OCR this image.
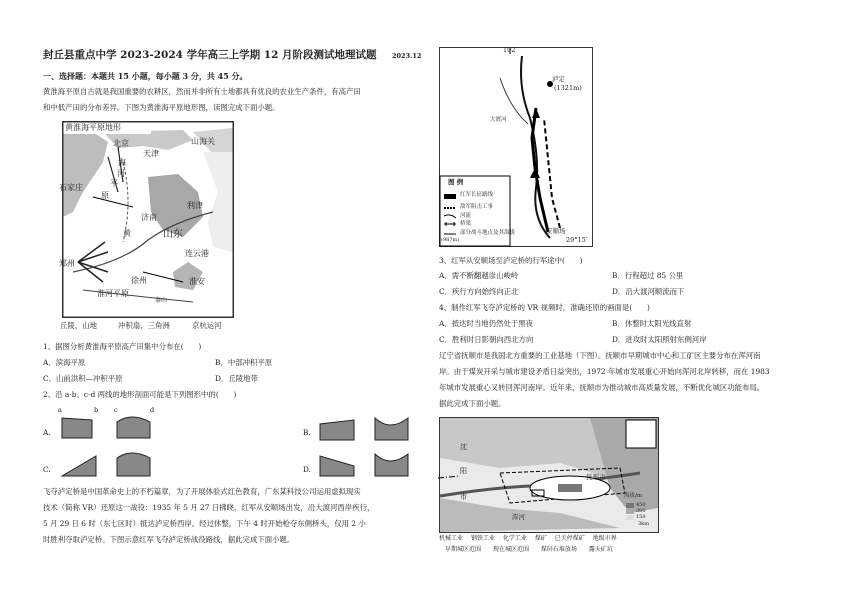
封丘县重点中学 2023-2024 学年高三上学期 12 月阶段测试地理试题 2023.12
一、选择题：本题共 15 小题，每小题 3 分，共 45 分。
黄淮海平原自古就是我国重要的农耕区，然而并非所有土地都具有优良的农业生产条件，有高产田
和中低产田的分布差异。下图为黄淮海平原地形图，读图完成下面小题。
黄淮海平原地形
北京
天津
山海关
石家庄
济南
利津
山东
连云港
郑州
徐州	淮安
淮河平原
原
河
平
海
黄
泰山
丘陵、山地	冲积扇、三角洲	京杭运河
1、据图分析黄淮海平原高产田集中分布在(　　)
A．滨海平原	B．中部冲积平原
C．山前洪积—冲积平原	D．丘陵地带
2、沿 a-b、c-d 两线的地形剖面可能是下列图形中的(　　)
A.
a	b c	d
B.
C.	D.
飞夺泸定桥是中国革命史上的不朽篇章，为了开展体验式红色教育，广东某科技公司运用虚拟现实
技术（简称 VR）还原这一战役：1935 年 5 月 27 日拂晓，红军从安顺场出发，沿大渡河西岸疾行，
5 月 29 日 6 时（东七区时）抵达泸定桥西岸。经过休整，下午 4 时开始枪夺东侧桥头，仅用 2 小
时胜利夺取泸定桥。下图示意红军飞夺泸定桥战役路线，据此完成下面小题。
102
泸定
(1321m)
安顺场
29°15′
图 例
红军长征路线
敌军阻击工事
河流
桥梁
部分战斗地点及其海拔
大渡河
(987m)
3、红军从安顺场至泸定桥的行军途中(　　)
A．需不断翻越崇山峻岭	B．行程超过 85 公里
C．疾行方向始终向正北	D．沿大渡河顺流而下
4、制作红军飞夺泸定桥的 VR 视频时，准确还原的画面是(　　)
A．抵达时当地仍然处于黑夜	B．休整时太阳光线直射
C．胜利时日影朝向西北方向	D．进攻时太阳照射东侧河岸
辽宁省抚顺市是我国北方重要的工业基地（下图）。抚顺市早期城市中心和工矿区主要分布在浑河南
岸。由于煤炭开采与城市建设矛盾日益突出，1972 年城市发展重心开始向浑河北岸转移，而在 1983
年城市发展重心又转回浑河南岸。近年来，抚顺市为推动城市高质量发展，不断优化城区功能布局。
据此完成下面小题。
抚顺市
浑河
沈
阳
市	海拔/m
450
300
150
3km
机械工业 钢铁工业 化学工业 煤矿 已关停煤矿 地级市界
早期城区范围 现在城区范围 煤矸石堆放场 露天矿坑
